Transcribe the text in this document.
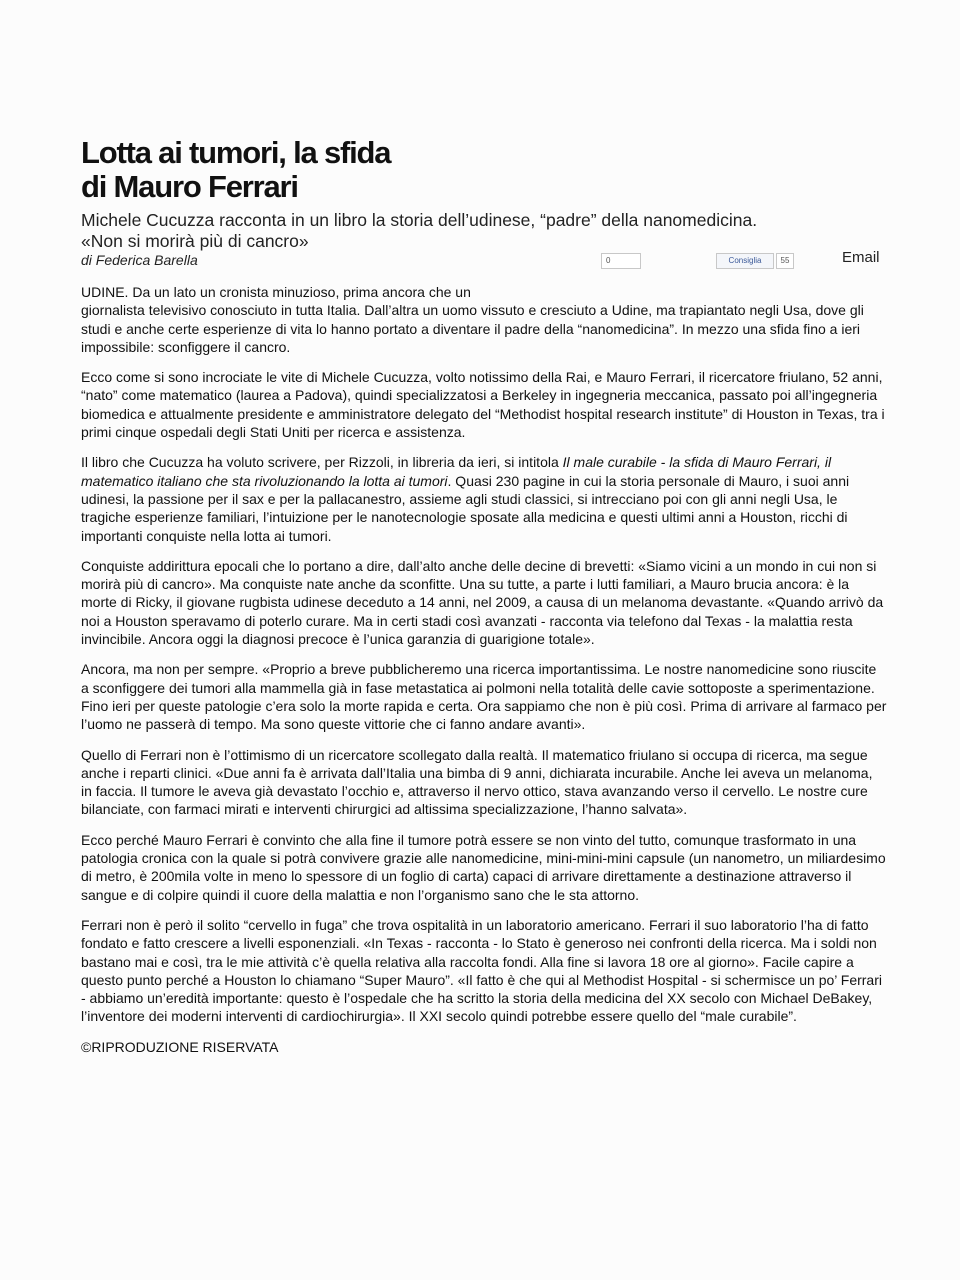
Lotta ai tumori, la sfida
di Mauro Ferrari
Michele Cucuzza racconta in un libro la storia dell’udinese, “padre” della nanomedicina.
«Non si morirà più di cancro»
di Federica Barella	0	Consiglia	55	Email

UDINE. Da un lato un cronista minuzioso, prima ancora che un
giornalista televisivo conosciuto in tutta Italia. Dall’altra un uomo vissuto e cresciuto a Udine, ma trapiantato negli Usa, dove gli studi e anche certe esperienze di vita lo hanno portato a diventare il padre della “nanomedicina”. In mezzo una sfida fino a ieri impossibile: sconfiggere il cancro.

Ecco come si sono incrociate le vite di Michele Cucuzza, volto notissimo della Rai, e Mauro Ferrari, il ricercatore friulano, 52 anni, “nato” come matematico (laurea a Padova), quindi specializzatosi a Berkeley in ingegneria meccanica, passato poi all’ingegneria biomedica e attualmente presidente e amministratore delegato del “Methodist hospital research institute” di Houston in Texas, tra i primi cinque ospedali degli Stati Uniti per ricerca e assistenza.

Il libro che Cucuzza ha voluto scrivere, per Rizzoli, in libreria da ieri, si intitola Il male curabile - la sfida di Mauro Ferrari, il matematico italiano che sta rivoluzionando la lotta ai tumori. Quasi 230 pagine in cui la storia personale di Mauro, i suoi anni udinesi, la passione per il sax e per la pallacanestro, assieme agli studi classici, si intrecciano poi con gli anni negli Usa, le tragiche esperienze familiari, l’intuizione per le nanotecnologie sposate alla medicina e questi ultimi anni a Houston, ricchi di importanti conquiste nella lotta ai tumori.

Conquiste addirittura epocali che lo portano a dire, dall’alto anche delle decine di brevetti: «Siamo vicini a un mondo in cui non si morirà più di cancro». Ma conquiste nate anche da sconfitte. Una su tutte, a parte i lutti familiari, a Mauro brucia ancora: è la morte di Ricky, il giovane rugbista udinese deceduto a 14 anni, nel 2009, a causa di un melanoma devastante. «Quando arrivò da noi a Houston speravamo di poterlo curare. Ma in certi stadi così avanzati - racconta via telefono dal Texas - la malattia resta invincibile. Ancora oggi la diagnosi precoce è l’unica garanzia di guarigione totale».

Ancora, ma non per sempre. «Proprio a breve pubblicheremo una ricerca importantissima. Le nostre nanomedicine sono riuscite a sconfiggere dei tumori alla mammella già in fase metastatica ai polmoni nella totalità delle cavie sottoposte a sperimentazione. Fino ieri per queste patologie c’era solo la morte rapida e certa. Ora sappiamo che non è più così. Prima di arrivare al farmaco per l’uomo ne passerà di tempo. Ma sono queste vittorie che ci fanno andare avanti».

Quello di Ferrari non è l’ottimismo di un ricercatore scollegato dalla realtà. Il matematico friulano si occupa di ricerca, ma segue anche i reparti clinici. «Due anni fa è arrivata dall’Italia una bimba di 9 anni, dichiarata incurabile. Anche lei aveva un melanoma, in faccia. Il tumore le aveva già devastato l’occhio e, attraverso il nervo ottico, stava avanzando verso il cervello. Le nostre cure bilanciate, con farmaci mirati e interventi chirurgici ad altissima specializzazione, l’hanno salvata».

Ecco perché Mauro Ferrari è convinto che alla fine il tumore potrà essere se non vinto del tutto, comunque trasformato in una patologia cronica con la quale si potrà convivere grazie alle nanomedicine, mini-mini-mini capsule (un nanometro, un miliardesimo di metro, è 200mila volte in meno lo spessore di un foglio di carta) capaci di arrivare direttamente a destinazione attraverso il sangue e di colpire quindi il cuore della malattia e non l’organismo sano che le sta attorno.

Ferrari non è però il solito “cervello in fuga” che trova ospitalità in un laboratorio americano. Ferrari il suo laboratorio l’ha di fatto fondato e fatto crescere a livelli esponenziali. «In Texas - racconta - lo Stato è generoso nei confronti della ricerca. Ma i soldi non bastano mai e così, tra le mie attività c’è quella relativa alla raccolta fondi. Alla fine si lavora 18 ore al giorno». Facile capire a questo punto perché a Houston lo chiamano “Super Mauro”. «Il fatto è che qui al Methodist Hospital - si schermisce un po’ Ferrari - abbiamo un’eredità importante: questo è l’ospedale che ha scritto la storia della medicina del XX secolo con Michael DeBakey, l’inventore dei moderni interventi di cardiochirurgia». Il XXI secolo quindi potrebbe essere quello del “male curabile”.

©RIPRODUZIONE RISERVATA
